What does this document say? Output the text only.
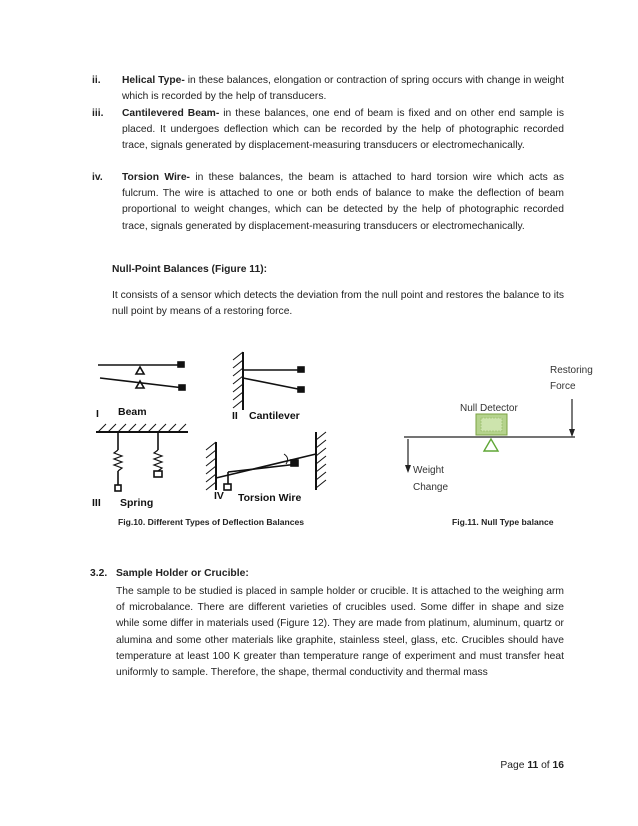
ii. Helical Type- in these balances, elongation or contraction of spring occurs with change in weight which is recorded by the help of transducers.
iii. Cantilevered Beam- in these balances, one end of beam is fixed and on other end sample is placed. It undergoes deflection which can be recorded by the help of photographic recorded trace, signals generated by displacement-measuring transducers or electromechanically.
iv. Torsion Wire- in these balances, the beam is attached to hard torsion wire which acts as fulcrum. The wire is attached to one or both ends of balance to make the deflection of beam proportional to weight changes, which can be detected by the help of photographic recorded trace, signals generated by displacement-measuring transducers or electromechanically.
Null-Point Balances (Figure 11):
It consists of a sensor which detects the deviation from the null point and restores the balance to its null point by means of a restoring force.
I Beam	II Cantilever
III Spring
IV Torsion Wire
Fig.10. Different Types of Deflection Balances
Restoring
Force
Null Detector
Weight
Change
Fig.11. Null Type balance
3.2. Sample Holder or Crucible:
The sample to be studied is placed in sample holder or crucible. It is attached to the weighing arm of microbalance. There are different varieties of crucibles used. Some differ in shape and size while some differ in materials used (Figure 12). They are made from platinum, aluminum, quartz or alumina and some other materials like graphite, stainless steel, glass, etc. Crucibles should have temperature at least 100 K greater than temperature range of experiment and must transfer heat uniformly to sample. Therefore, the shape, thermal conductivity and thermal mass
Page 11 of 16
